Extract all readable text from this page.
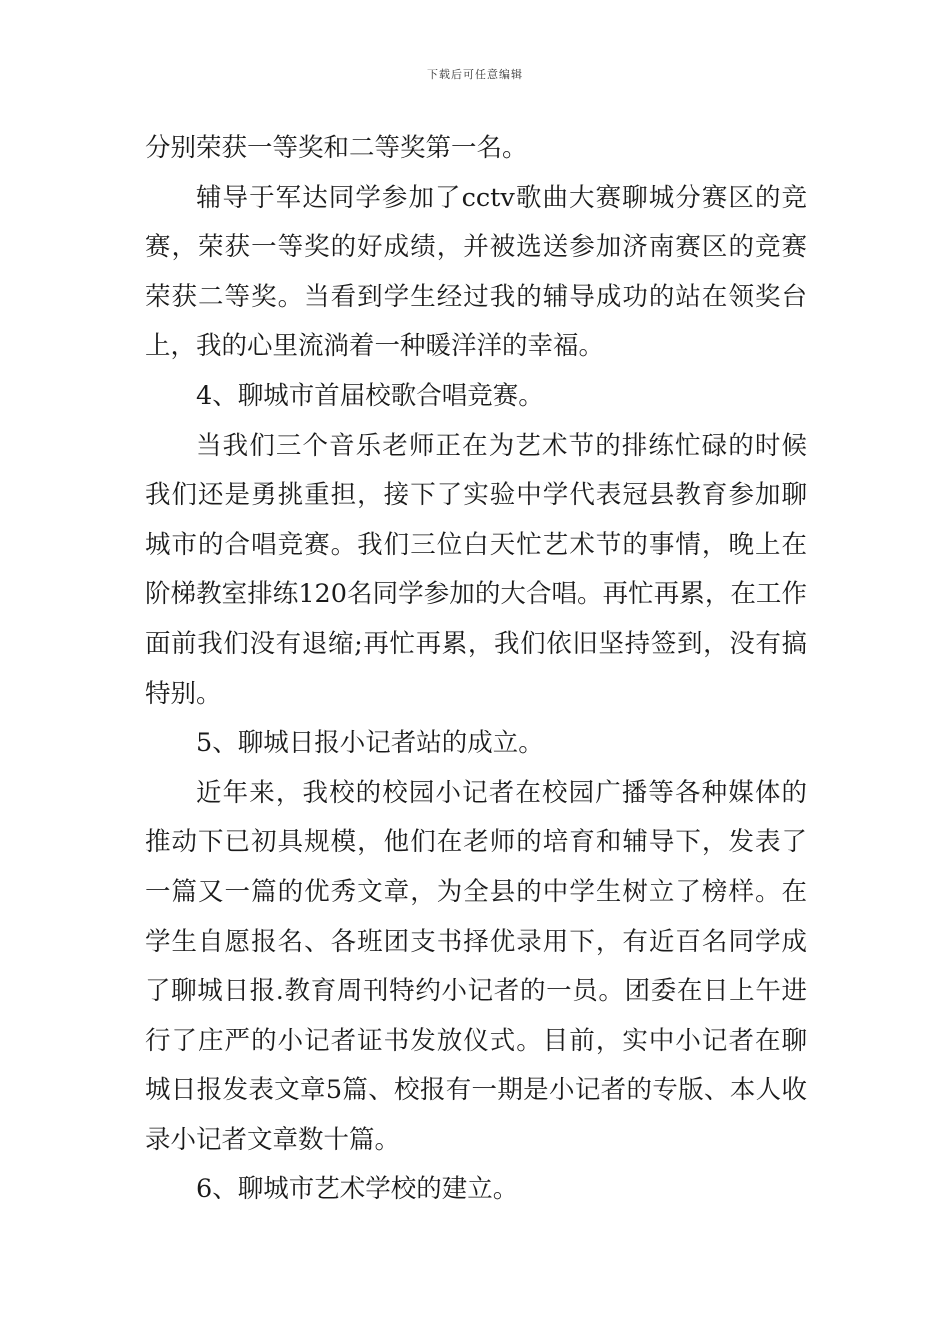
下载后可任意编辑

分别荣获一等奖和二等奖第一名。

辅导于军达同学参加了cctv歌曲大赛聊城分赛区的竞赛，荣获一等奖的好成绩，并被选送参加济南赛区的竞赛荣获二等奖。当看到学生经过我的辅导成功的站在领奖台上，我的心里流淌着一种暖洋洋的幸福。

4、聊城市首届校歌合唱竞赛。

当我们三个音乐老师正在为艺术节的排练忙碌的时候我们还是勇挑重担，接下了实验中学代表冠县教育参加聊城市的合唱竞赛。我们三位白天忙艺术节的事情，晚上在阶梯教室排练120名同学参加的大合唱。再忙再累，在工作面前我们没有退缩;再忙再累，我们依旧坚持签到，没有搞特别。

5、聊城日报小记者站的成立。

近年来，我校的校园小记者在校园广播等各种媒体的推动下已初具规模，他们在老师的培育和辅导下，发表了一篇又一篇的优秀文章，为全县的中学生树立了榜样。在学生自愿报名、各班团支书择优录用下，有近百名同学成了聊城日报.教育周刊特约小记者的一员。团委在日上午进行了庄严的小记者证书发放仪式。目前，实中小记者在聊城日报发表文章5篇、校报有一期是小记者的专版、本人收录小记者文章数十篇。

6、聊城市艺术学校的建立。
